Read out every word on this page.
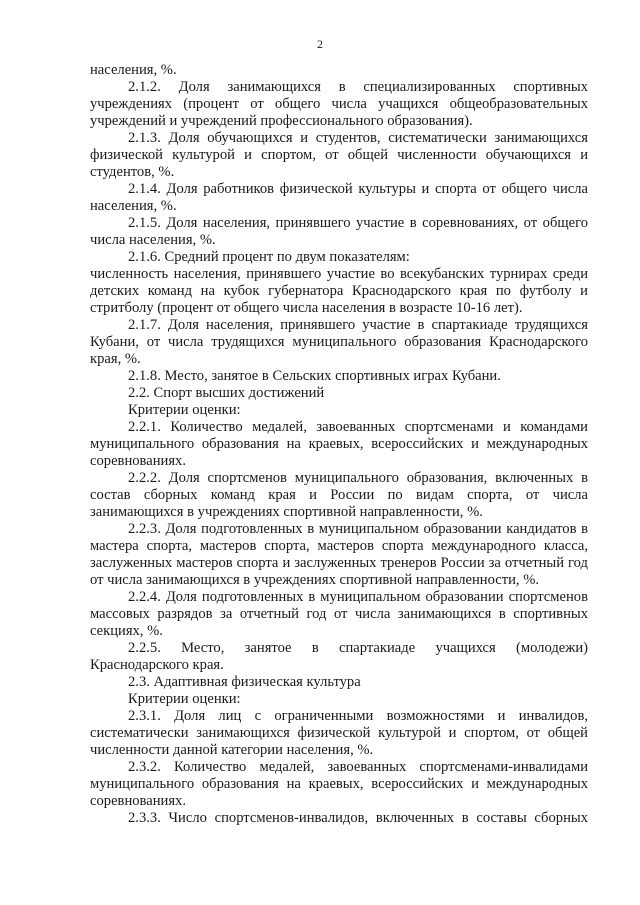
2

населения, %.

2.1.2. Доля занимающихся в специализированных спортивных учреждениях (процент от общего числа учащихся общеобразовательных учреждений и учреждений профессионального образования).

2.1.3. Доля обучающихся и студентов, систематически занимающихся физической культурой и спортом, от общей численности обучающихся и студентов, %.

2.1.4. Доля работников физической культуры и спорта от общего числа населения, %.

2.1.5. Доля населения, принявшего участие в соревнованиях, от общего числа населения, %.

2.1.6. Средний процент по двум показателям:

численность населения, принявшего участие во всекубанских турнирах среди детских команд на кубок губернатора Краснодарского края по футболу и стритболу (процент от общего числа населения в возрасте 10-16 лет).

2.1.7. Доля населения, принявшего участие в спартакиаде трудящихся Кубани, от числа трудящихся муниципального образования Краснодарского края, %.

2.1.8. Место, занятое в Сельских спортивных играх Кубани.

2.2. Спорт высших достижений

Критерии оценки:

2.2.1. Количество медалей, завоеванных спортсменами и командами муниципального образования на краевых, всероссийских и международных соревнованиях.

2.2.2. Доля спортсменов муниципального образования, включенных в состав сборных команд края и России по видам спорта, от числа занимающихся в учреждениях спортивной направленности, %.

2.2.3. Доля подготовленных в муниципальном образовании кандидатов в мастера спорта, мастеров спорта, мастеров спорта международного класса, заслуженных мастеров спорта и заслуженных тренеров России за отчетный год от числа занимающихся в учреждениях спортивной направленности, %.

2.2.4. Доля подготовленных в муниципальном образовании спортсменов массовых разрядов за отчетный год от числа занимающихся в спортивных секциях, %.

2.2.5. Место, занятое в спартакиаде учащихся (молодежи) Краснодарского края.

2.3. Адаптивная физическая культура

Критерии оценки:

2.3.1. Доля лиц с ограниченными возможностями и инвалидов, систематически занимающихся физической культурой и спортом, от общей численности данной категории населения, %.

2.3.2. Количество медалей, завоеванных спортсменами-инвалидами муниципального образования на краевых, всероссийских и международных соревнованиях.

2.3.3. Число спортсменов-инвалидов, включенных в составы сборных
